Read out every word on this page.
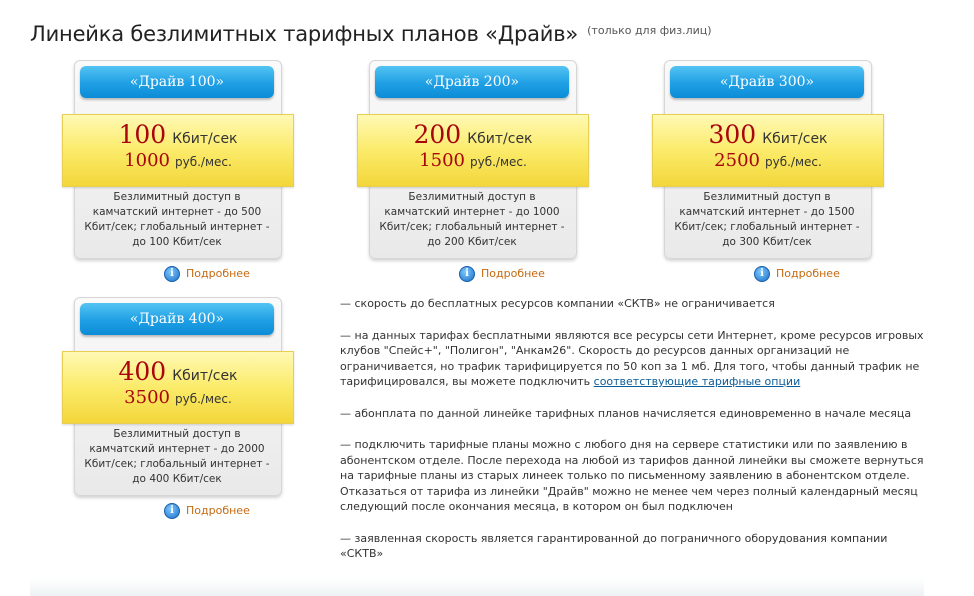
Линейка безлимитных тарифных планов «Драйв» $^{(только для физ.лиц)}$
«Драйв 100»
100 Кбит/сек
1000 руб./мес.
Безлимитный доступ в камчатский интернет - до 500 Кбит/сек; глобальный интернет - до 100 Кбит/сек
i	Подробнее
«Драйв 200»
200 Кбит/сек
1500 руб./мес.
Безлимитный доступ в камчатский интернет - до 1000 Кбит/сек; глобальный интернет - до 200 Кбит/сек
i	Подробнее
«Драйв 300»
300 Кбит/сек
2500 руб./мес.
Безлимитный доступ в камчатский интернет - до 1500 Кбит/сек; глобальный интернет - до 300 Кбит/сек
i	Подробнее
«Драйв 400»
400 Кбит/сек
3500 руб./мес.
Безлимитный доступ в камчатский интернет - до 2000 Кбит/сек; глобальный интернет - до 400 Кбит/сек
i	Подробнее

— скорость до бесплатных ресурсов компании «СКТВ» не ограничивается

— на данных тарифах бесплатными являются все ресурсы сети Интернет, кроме ресурсов игровых клубов "Спейс+", "Полигон", "Анкам26". Скорость до ресурсов данных организаций не ограничивается, но трафик тарифицируется по 50 коп за 1 мб. Для того, чтобы данный трафик не тарифицировался, вы можете подключить соответствующие тарифные опции

— абонплата по данной линейке тарифных планов начисляется единовременно в начале месяца

— подключить тарифные планы можно с любого дня на сервере статистики или по заявлению в абонентском отделе. После перехода на любой из тарифов данной линейки вы сможете вернуться на тарифные планы из старых линеек только по письменному заявлению в абонентском отделе. Отказаться от тарифа из линейки "Драйв" можно не менее чем через полный календарный месяц следующий после окончания месяца, в котором он был подключен

— заявленная скорость является гарантированной до пограничного оборудования компании «СКТВ»
